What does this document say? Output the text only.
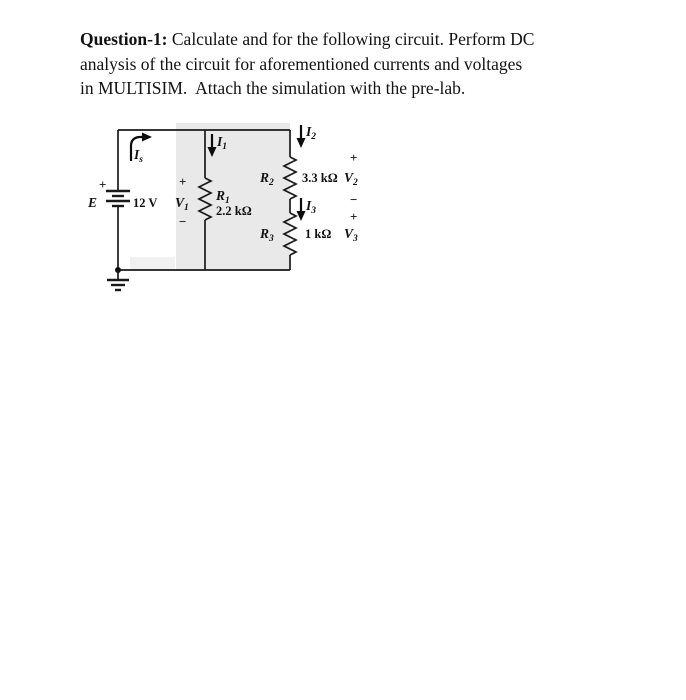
Question-1: Calculate and for the following circuit. Perform DC

analysis of the circuit for aforementioned currents and voltages

in MULTISIM.  Attach the simulation with the pre-lab.

E
+
12 V
$I_s$
$I_1$
$I_2$
$I_3$
+
$V_1$
−
$R_1$
2.2 kΩ
$R_2$ 3.3 kΩ $V_2$
+
−
+
$R_3$ 1 kΩ $V_3$
